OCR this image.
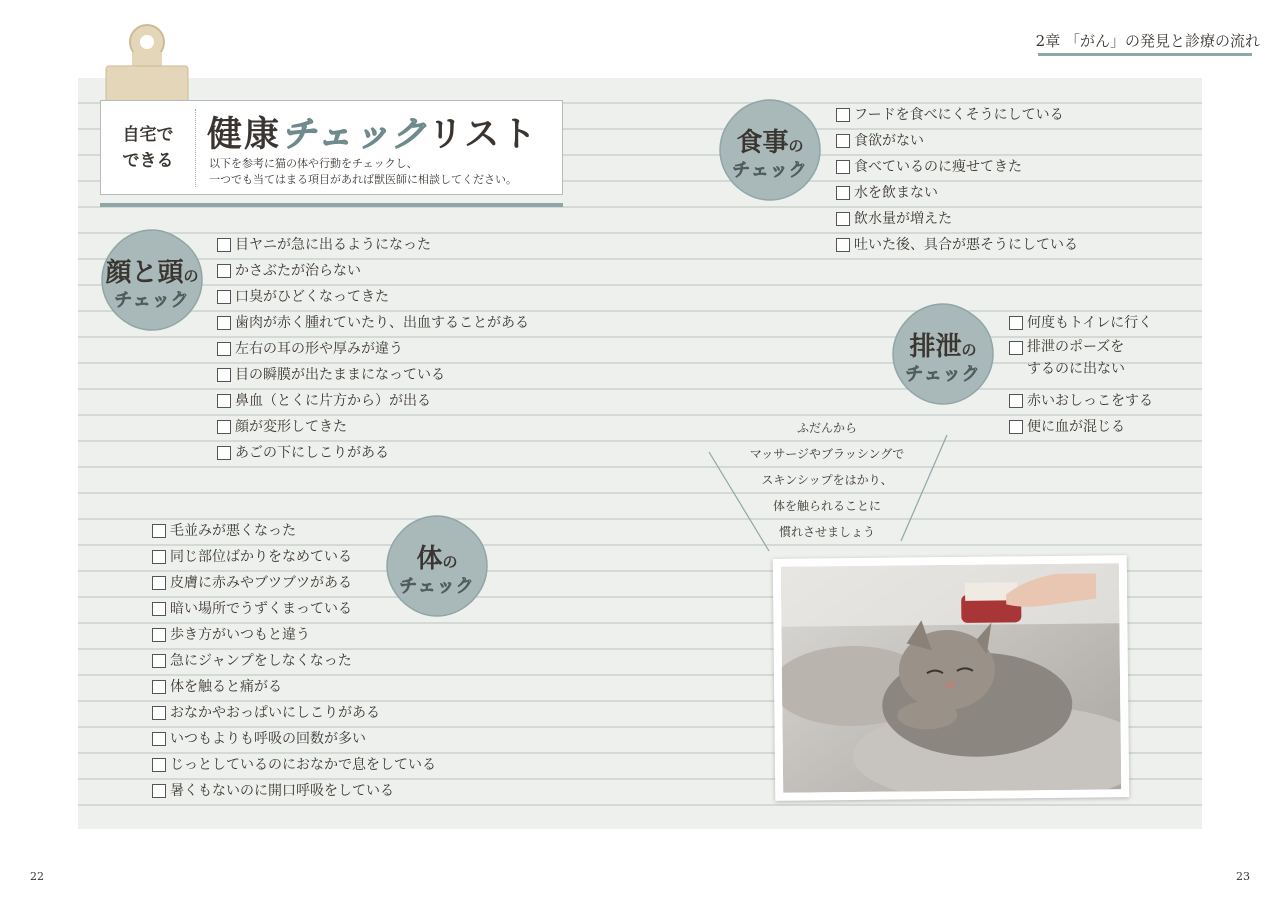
2章 「がん」の発見と診療の流れ
自宅で
できる
健康チェックリスト
以下を参考に猫の体や行動をチェックし、
一つでも当てはまる項目があれば獣医師に相談してください。
顔と頭の
チェック
目ヤニが急に出るようになった
かさぶたが治らない
口臭がひどくなってきた
歯肉が赤く腫れていたり、出血することがある
左右の耳の形や厚みが違う
目の瞬膜が出たままになっている
鼻血（とくに片方から）が出る
顔が変形してきた
あごの下にしこりがある
体の
チェック
毛並みが悪くなった
同じ部位ばかりをなめている
皮膚に赤みやブツブツがある
暗い場所でうずくまっている
歩き方がいつもと違う
急にジャンプをしなくなった
体を触ると痛がる
おなかやおっぱいにしこりがある
いつもよりも呼吸の回数が多い
じっとしているのにおなかで息をしている
暑くもないのに開口呼吸をしている
食事の
チェック
フードを食べにくそうにしている
食欲がない
食べているのに痩せてきた
水を飲まない
飲水量が増えた
吐いた後、具合が悪そうにしている
排泄の
チェック
何度もトイレに行く
排泄のポーズを
するのに出ない
赤いおしっこをする
便に血が混じる
ふだんから
マッサージやブラッシングで
スキンシップをはかり、
体を触られることに
慣れさせましょう
22	23
